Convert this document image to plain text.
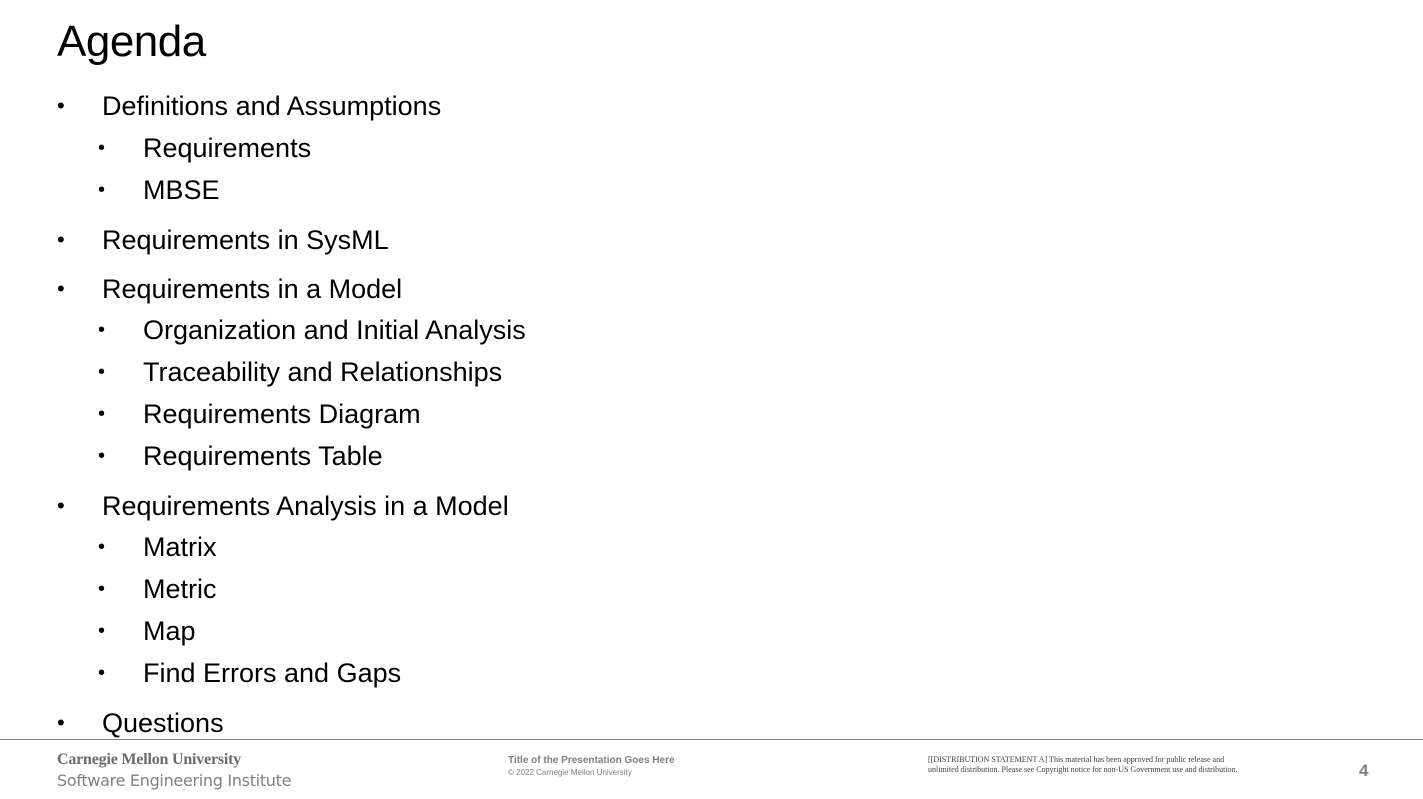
Agenda
•	Definitions and Assumptions
•	Requirements
•	MBSE
•	Requirements in SysML
•	Requirements in a Model
•	Organization and Initial Analysis
•	Traceability and Relationships
•	Requirements Diagram
•	Requirements Table
•	Requirements Analysis in a Model
•	Matrix
•	Metric
•	Map
•	Find Errors and Gaps
•	Questions
Carnegie Mellon University
Software Engineering Institute
Title of the Presentation Goes Here
© 2022 Carnegie Mellon University
[[DISTRIBUTION STATEMENT A] This material has been approved for public release and
unlimited distribution. Please see Copyright notice for non-US Government use and distribution.	4
